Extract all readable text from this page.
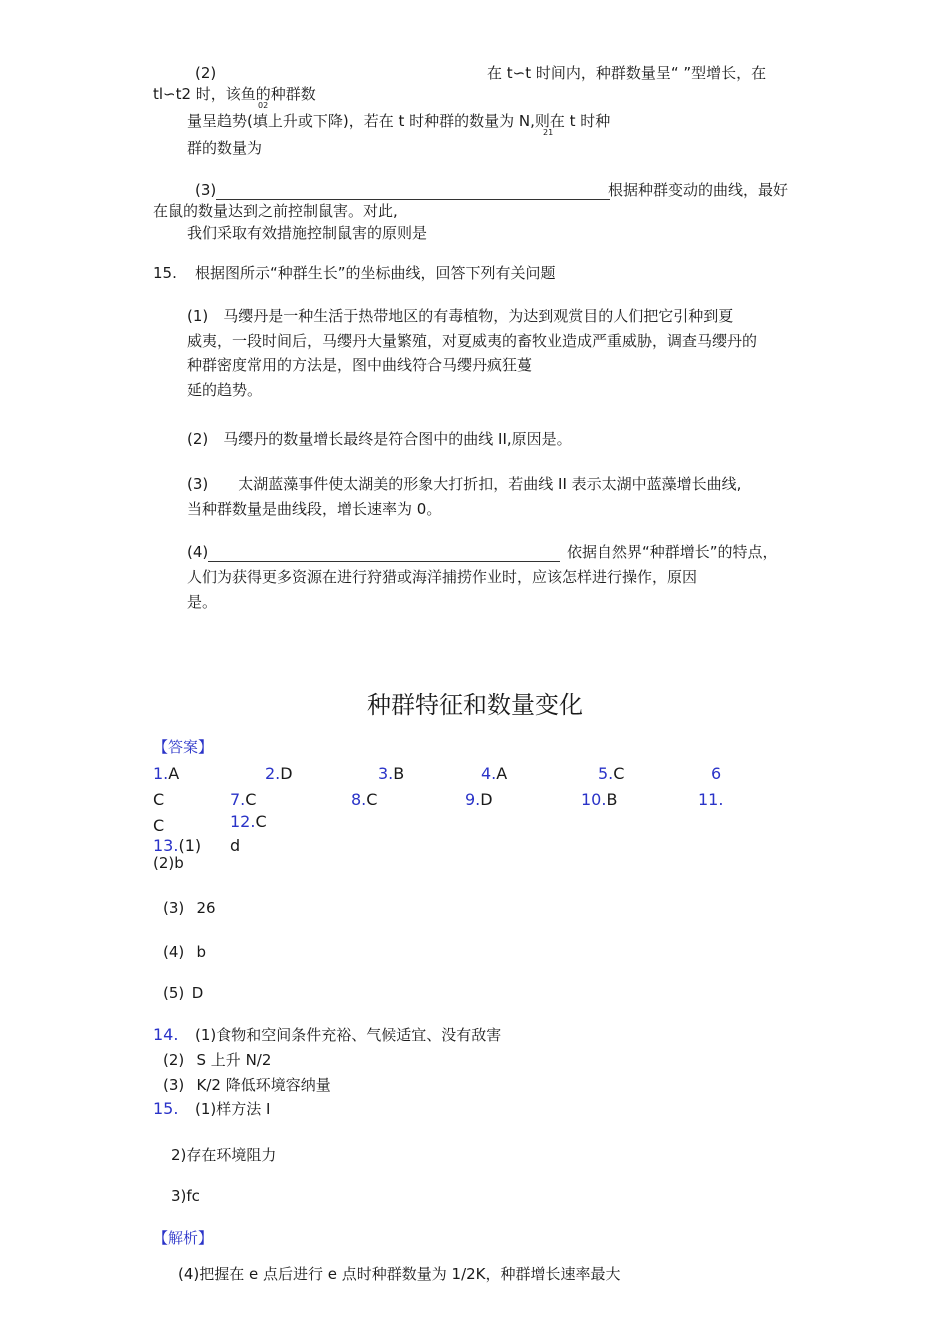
(2)	在 t∽t 时间内，种群数量呈“ ”型增长，在
tl∽t2 时，该鱼的种群数
02
量呈趋势(填上升或下降)，若在 t 时种群的数量为 N,则在 t 时种
21
群的数量为
(3)	根据种群变动的曲线，最好
在鼠的数量达到之前控制鼠害。对此,
我们采取有效措施控制鼠害的原则是
15. 根据图所示“种群生长”的坐标曲线，回答下列有关问题
(1)　马缨丹是一种生活于热带地区的有毒植物，为达到观赏目的人们把它引种到夏
威夷，一段时间后，马缨丹大量繁殖，对夏威夷的畜牧业造成严重威胁，调查马缨丹的
种群密度常用的方法是，图中曲线符合马缨丹疯狂蔓
延的趋势。
(2)　马缨丹的数量增长最终是符合图中的曲线 II,原因是。
(3)　　太湖蓝藻事件使太湖美的形象大打折扣，若曲线 II 表示太湖中蓝藻增长曲线,
当种群数量是曲线段，增长速率为 0。
(4)	依据自然界“种群增长”的特点，
人们为获得更多资源在进行狩猎或海洋捕捞作业时，应该怎样进行操作，原因
是。
种群特征和数量变化
【答案】
1.A	2.D	3.B	4.A	5.C	6
C	7.C	8.C	9.D	10.B	11.
C	12.C
13.(1) d
(2)b
(3)  26
(4)  b
(5) D
14. (1)食物和空间条件充裕、气候适宜、没有敌害
(2)  S 上升 N/2
(3)  K/2 降低环境容纳量
15. (1)样方法 I
2)存在环境阻力
3)fc
【解析】
(4)把握在 e 点后进行 e 点时种群数量为 1/2K，种群增长速率最大
